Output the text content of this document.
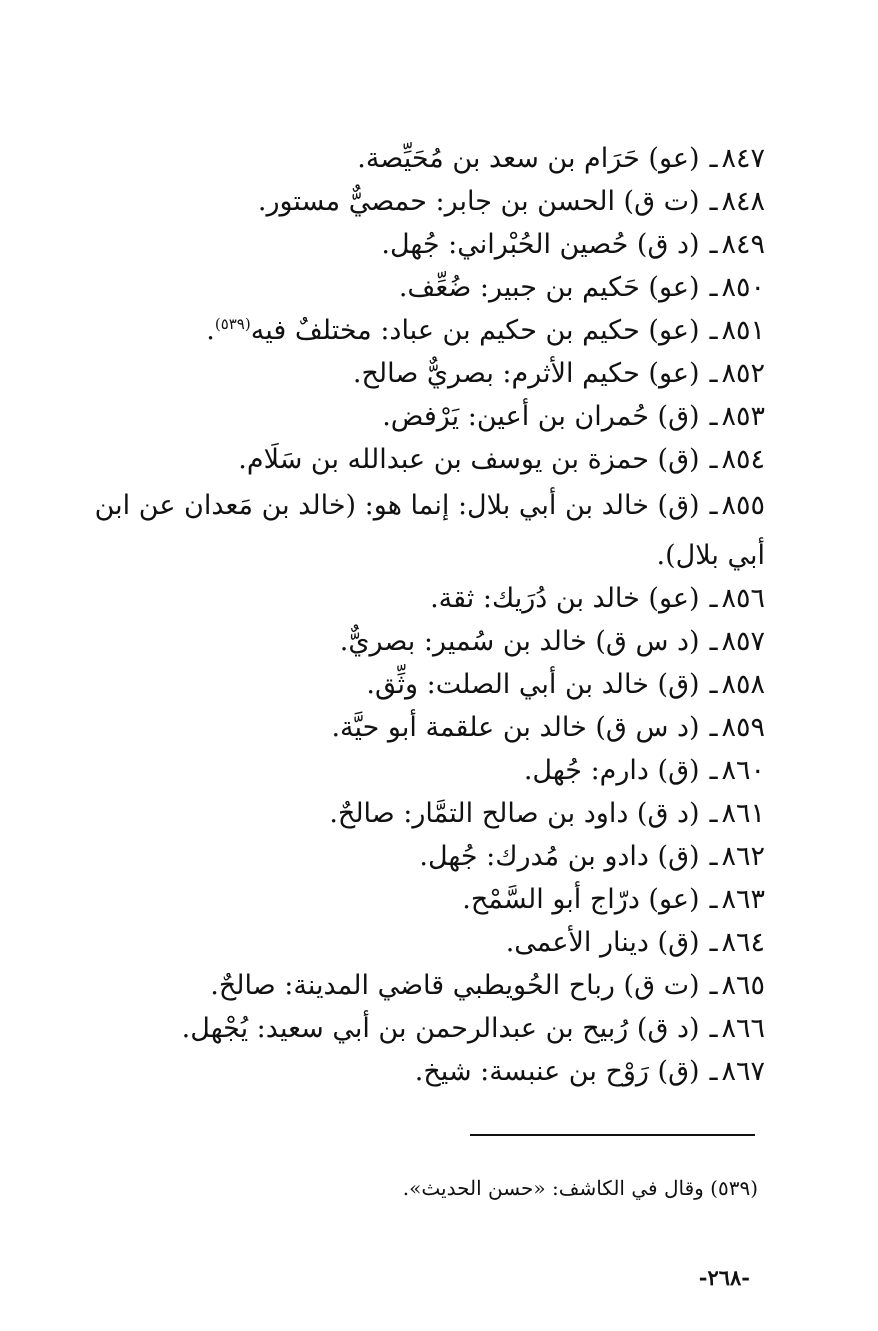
٨٤٧ـ(عو) حَرَام بن سعد بن مُحَيِّصة.
٨٤٨ـ(ت ق) الحسن بن جابر: حمصيٌّ مستور.
٨٤٩ـ(د ق) حُصين الحُبْراني: جُهل.
٨٥٠ـ(عو) حَكيم بن جبير: ضُعِّف.
٨٥١ـ(عو) حكيم بن حكيم بن عباد: مختلفٌ فيه$^{(٥٣٩)}$.
٨٥٢ـ(عو) حكيم الأثرم: بصريٌّ صالح.
٨٥٣ـ(ق) حُمران بن أعين: يَرْفض.
٨٥٤ـ(ق) حمزة بن يوسف بن عبدالله بن سَلَام.
٨٥٥ـ(ق) خالد بن أبي بلال: إنما هو: (خالد بن مَعدان عن ابن أبي بلال).
٨٥٦ـ(عو) خالد بن دُرَيك: ثقة.
٨٥٧ـ(د س ق) خالد بن سُمير: بصريٌّ.
٨٥٨ـ(ق) خالد بن أبي الصلت: وثِّق.
٨٥٩ـ(د س ق) خالد بن علقمة أبو حيَّة.
٨٦٠ـ(ق) دارم: جُهل.
٨٦١ـ(د ق) داود بن صالح التمَّار: صالحٌ.
٨٦٢ـ(ق) دادو بن مُدرك: جُهل.
٨٦٣ـ(عو) درّاج أبو السَّمْح.
٨٦٤ـ(ق) دينار الأعمى.
٨٦٥ـ(ت ق) رباح الحُويطبي قاضي المدينة: صالحٌ.
٨٦٦ـ(د ق) رُبيح بن عبدالرحمن بن أبي سعيد: يُجْهل.
٨٦٧ـ(ق) رَوْح بن عنبسة: شيخ.
(٥٣٩) وقال في الكاشف: «حسن الحديث».
-٢٦٨-
